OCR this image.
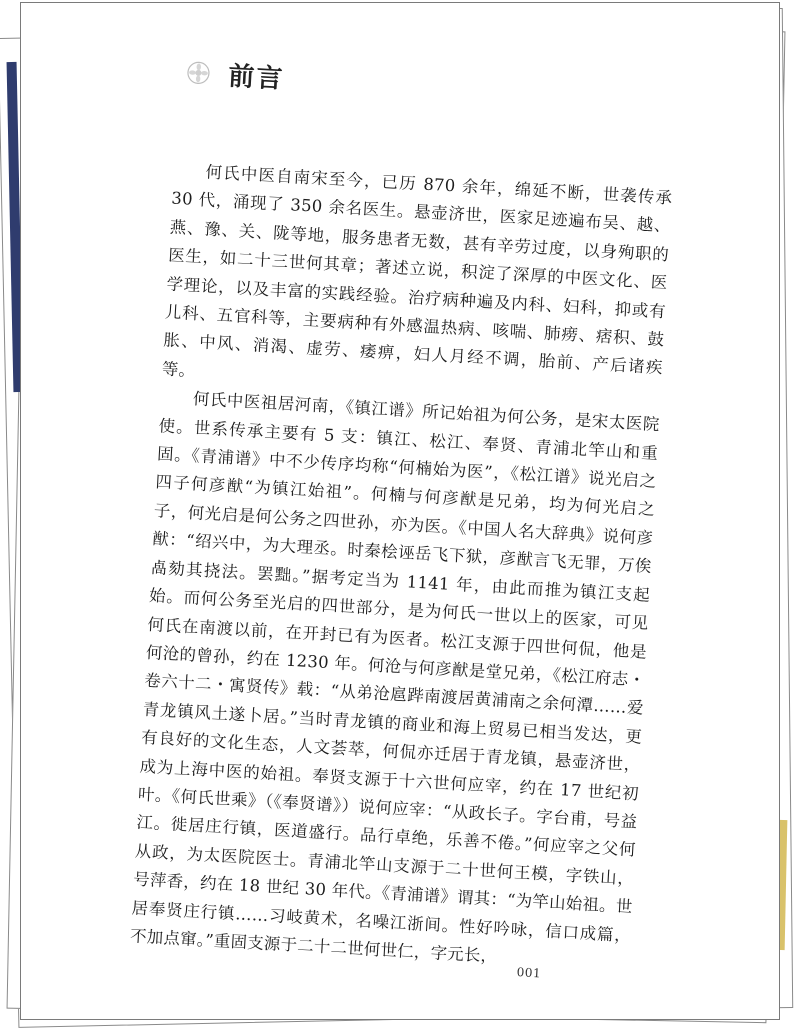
前言

何氏中医自南宋至今，已历 870 余年，绵延不断，世袭传承 30 代，涌现了 350 余名医生。悬壶济世，医家足迹遍布吴、越、燕、豫、关、陇等地，服务患者无数，甚有辛劳过度，以身殉职的医生，如二十三世何其章；著述立说，积淀了深厚的中医文化、医学理论，以及丰富的实践经验。治疗病种遍及内科、妇科，抑或有儿科、五官科等，主要病种有外感温热病、咳喘、肺痨、痞积、鼓胀、中风、消渴、虚劳、痿痹，妇人月经不调，胎前、产后诸疾等。

何氏中医祖居河南，《镇江谱》所记始祖为何公务，是宋太医院使。世系传承主要有 5 支：镇江、松江、奉贤、青浦北竿山和重固。《青浦谱》中不少传序均称“何楠始为医”，《松江谱》说光启之四子何彦猷“为镇江始祖”。何楠与何彦猷是兄弟，均为何光启之子，何光启是何公务之四世孙，亦为医。《中国人名大辞典》说何彦猷：“绍兴中，为大理丞。时秦桧诬岳飞下狱，彦猷言飞无罪，万俟卨劾其挠法。罢黜。”据考定当为 1141 年，由此而推为镇江支起始。而何公务至光启的四世部分，是为何氏一世以上的医家，可见何氏在南渡以前，在开封已有为医者。松江支源于四世何侃，他是何沧的曾孙，约在 1230 年。何沧与何彦猷是堂兄弟，《松江府志・卷六十二・寓贤传》载：“从弟沧扈跸南渡居黄浦南之余何潭……爱青龙镇风土遂卜居。”当时青龙镇的商业和海上贸易已相当发达，更有良好的文化生态，人文荟萃，何侃亦迁居于青龙镇，悬壶济世，成为上海中医的始祖。奉贤支源于十六世何应宰，约在 17 世纪初叶。《何氏世乘》（《奉贤谱》）说何应宰：“从政长子。字台甫，号益江。徙居庄行镇，医道盛行。品行卓绝，乐善不倦。”何应宰之父何从政，为太医院医士。青浦北竿山支源于二十世何王模，字铁山，号萍香，约在 18 世纪 30 年代。《青浦谱》谓其：“为竿山始祖。世居奉贤庄行镇……习岐黄术，名噪江浙间。性好吟咏，信口成篇，不加点窜。”重固支源于二十二世何世仁，字元长，

001
